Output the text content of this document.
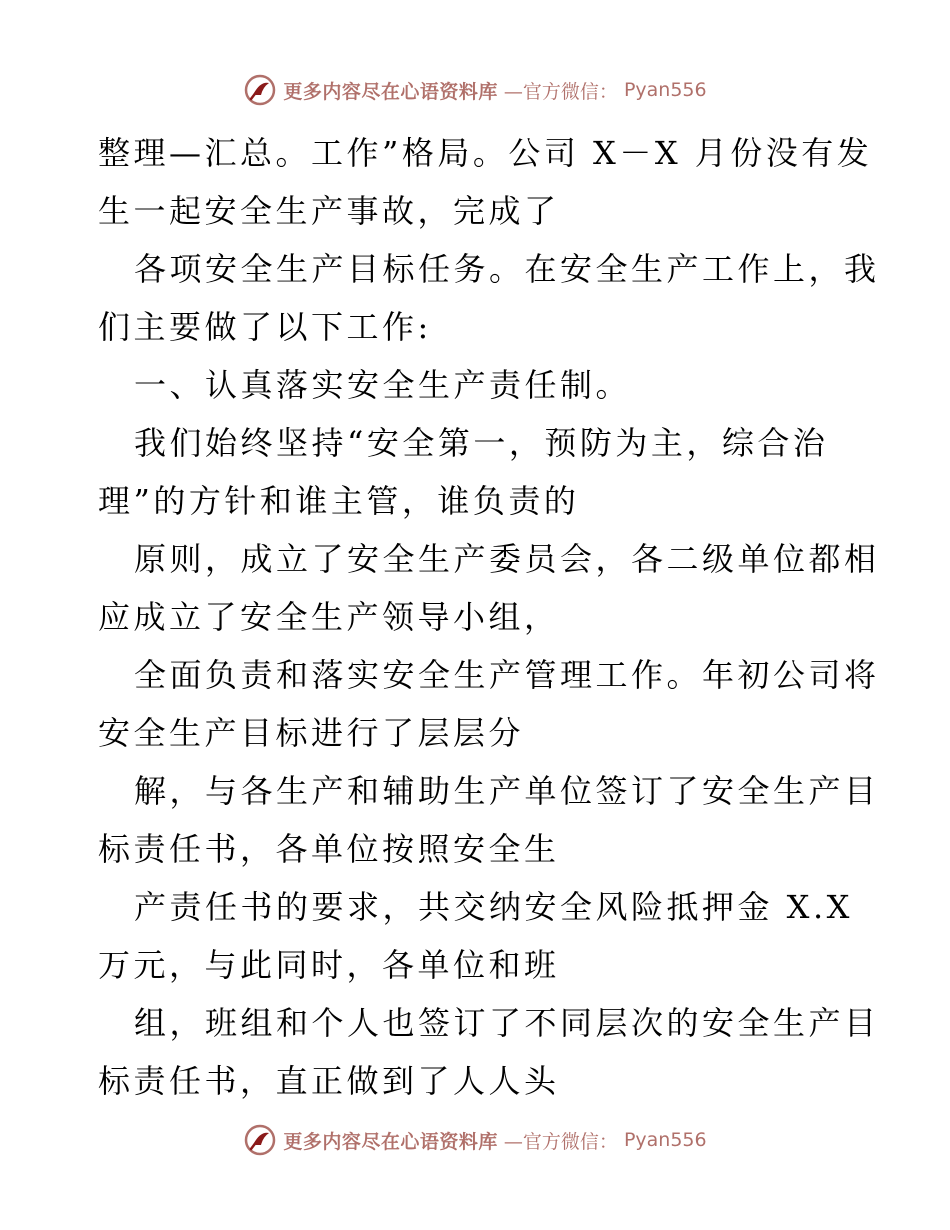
更多内容尽在心语资料库 —官方微信： Pyan556
整理—汇总。工作”格局。公司 X－X 月份没有发
生一起安全生产事故，完成了
各项安全生产目标任务。在安全生产工作上，我
们主要做了以下工作:
一、认真落实安全生产责任制。
我们始终坚持“安全第一，预防为主，综合治
理”的方针和谁主管，谁负责的
原则，成立了安全生产委员会，各二级单位都相
应成立了安全生产领导小组，
全面负责和落实安全生产管理工作。年初公司将
安全生产目标进行了层层分
解，与各生产和辅助生产单位签订了安全生产目
标责任书，各单位按照安全生
产责任书的要求，共交纳安全风险抵押金 X.X
万元，与此同时，各单位和班
组，班组和个人也签订了不同层次的安全生产目
标责任书，直正做到了人人头
更多内容尽在心语资料库 —官方微信： Pyan556
